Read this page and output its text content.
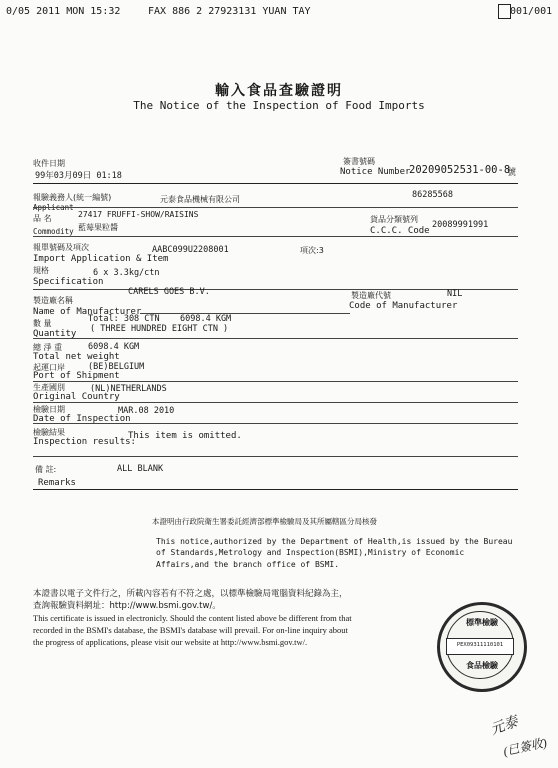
0/05 2011 MON 15:32	FAX 886 2 27923131 YUAN TAY	001/001
輸入食品查驗證明
The Notice of the Inspection of Food Imports
收件日期
99年03月09日 01:18
簽書號碼
Notice Number
20209052531-00-8
號
報驗義務人(統一編號)
Applicant
元泰食品機械有限公司	86285568
品 名
Commodity
27417 FRUFFI-SHOW/RAISINS
藍莓果粒醬
貨品分類號列
C.C.C. Code
20089991991
報單號碼及項次
Import Application & Item
AABC099U2208001	項次:3
規格	6 x 3.3kg/ctn
Specification
製造廠名稱
CARELS GOES B.V.
Name of Manufacturer
製造廠代號	NIL
Code of Manufacturer
數 量	Total: 308 CTN 6098.4 KGM
( THREE HUNDRED EIGHT CTN )
Quantity
總 淨 重	6098.4 KGM
Total net weight
起運口岸	(BE)BELGIUM
Port of Shipment
生產國別	(NL)NETHERLANDS
Original Country
檢驗日期	MAR.08 2010
Date of Inspection
檢驗結果	This item is omitted.
Inspection results:
備 註:	ALL BLANK
Remarks
本證明由行政院衛生署委託經濟部標準檢驗局及其所屬轄區分局核發
This notice,authorized by the Department of Health,is issued by the Bureau
of Standards,Metrology and Inspection(BSMI),Ministry of Economic
Affairs,and the branch office of BSMI.
本證書以電子文件行之，所載內容若有不符之處，以標準檢驗局電腦資料紀錄為主，
查詢報驗資料網址：http://www.bsmi.gov.tw/。
This certificate is issued in electronicly. Should the content listed above be different from that
recorded in the BSMI's database, the BSMI's database will prevail. For on-line inquiry about
the progress of applications, please visit our website at http://www.bsmi.gov.tw/.
標準檢驗
PEX09311110101
食品檢驗
元泰
(已簽收)
